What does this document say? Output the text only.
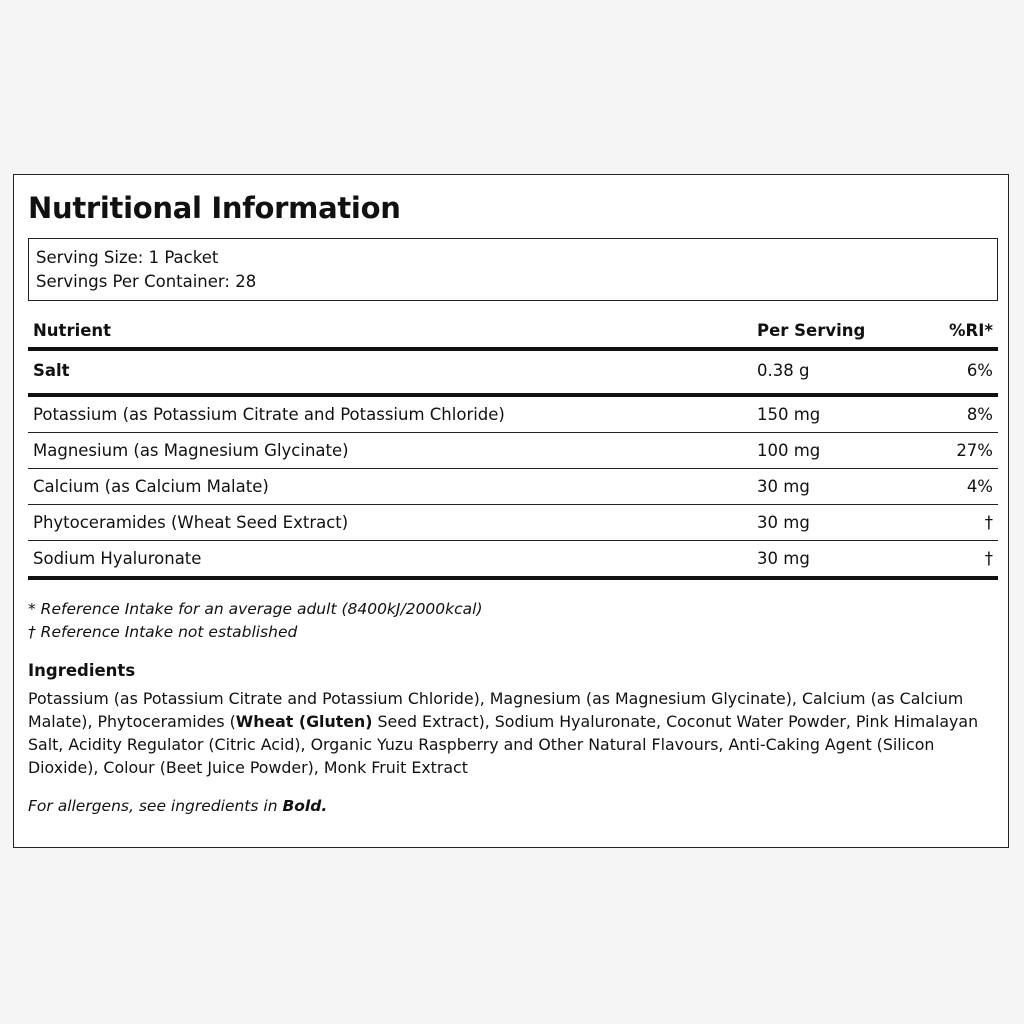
Nutritional Information
Serving Size: 1 Packet
Servings Per Container: 28
Nutrient	Per Serving	%RI*
Salt	0.38 g	6%
Potassium (as Potassium Citrate and Potassium Chloride)	150 mg	8%
Magnesium (as Magnesium Glycinate)	100 mg	27%
Calcium (as Calcium Malate)	30 mg	4%
Phytoceramides (Wheat Seed Extract)	30 mg	†
Sodium Hyaluronate	30 mg	†
* Reference Intake for an average adult (8400kJ/2000kcal)
† Reference Intake not established
Ingredients
Potassium (as Potassium Citrate and Potassium Chloride), Magnesium (as Magnesium Glycinate), Calcium (as Calcium Malate), Phytoceramides (Wheat (Gluten) Seed Extract), Sodium Hyaluronate, Coconut Water Powder, Pink Himalayan Salt, Acidity Regulator (Citric Acid), Organic Yuzu Raspberry and Other Natural Flavours, Anti-Caking Agent (Silicon Dioxide), Colour (Beet Juice Powder), Monk Fruit Extract
For allergens, see ingredients in Bold.
